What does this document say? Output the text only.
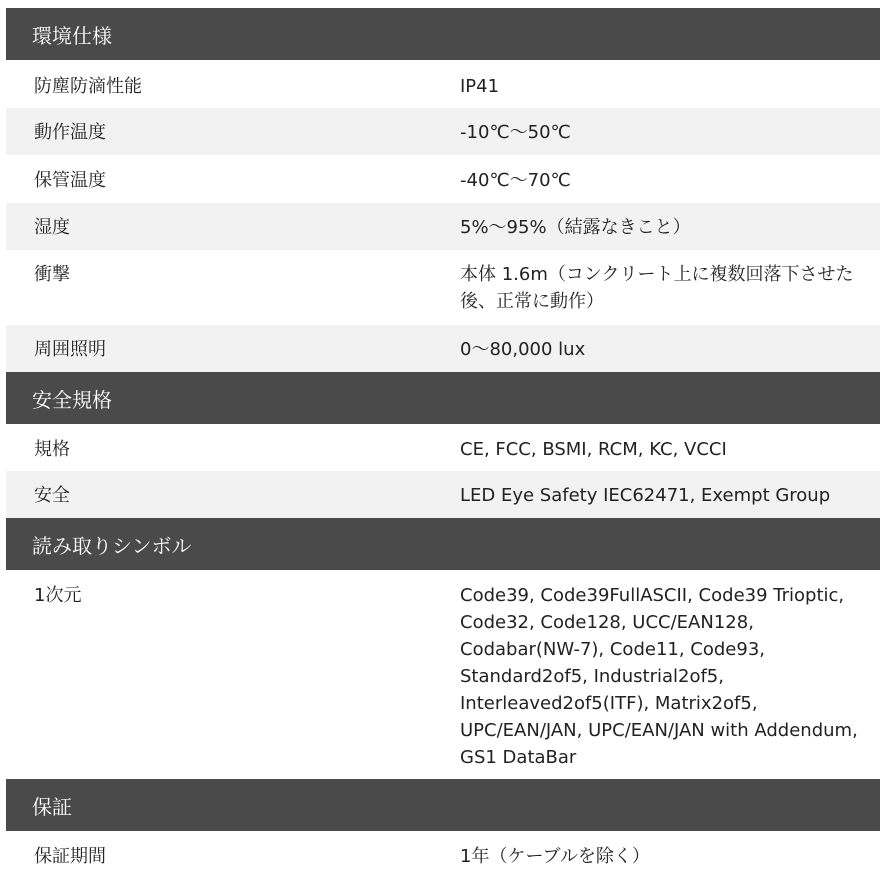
環境仕様
防塵防滴性能	IP41
動作温度	-10℃～50℃
保管温度	-40℃～70℃
湿度	5%～95%（結露なきこと）
衝撃	本体 1.6m（コンクリート上に複数回落下させた後、正常に動作）
周囲照明	0～80,000 lux
安全規格
規格	CE, FCC, BSMI, RCM, KC, VCCI
安全	LED Eye Safety IEC62471, Exempt Group
読み取りシンボル
1次元	Code39, Code39FullASCII, Code39 Trioptic, Code32, Code128, UCC/EAN128, Codabar(NW-7), Code11, Code93, Standard2of5, Industrial2of5, Interleaved2of5(ITF), Matrix2of5, UPC/EAN/JAN, UPC/EAN/JAN with Addendum, GS1 DataBar
保証
保証期間	1年（ケーブルを除く）
